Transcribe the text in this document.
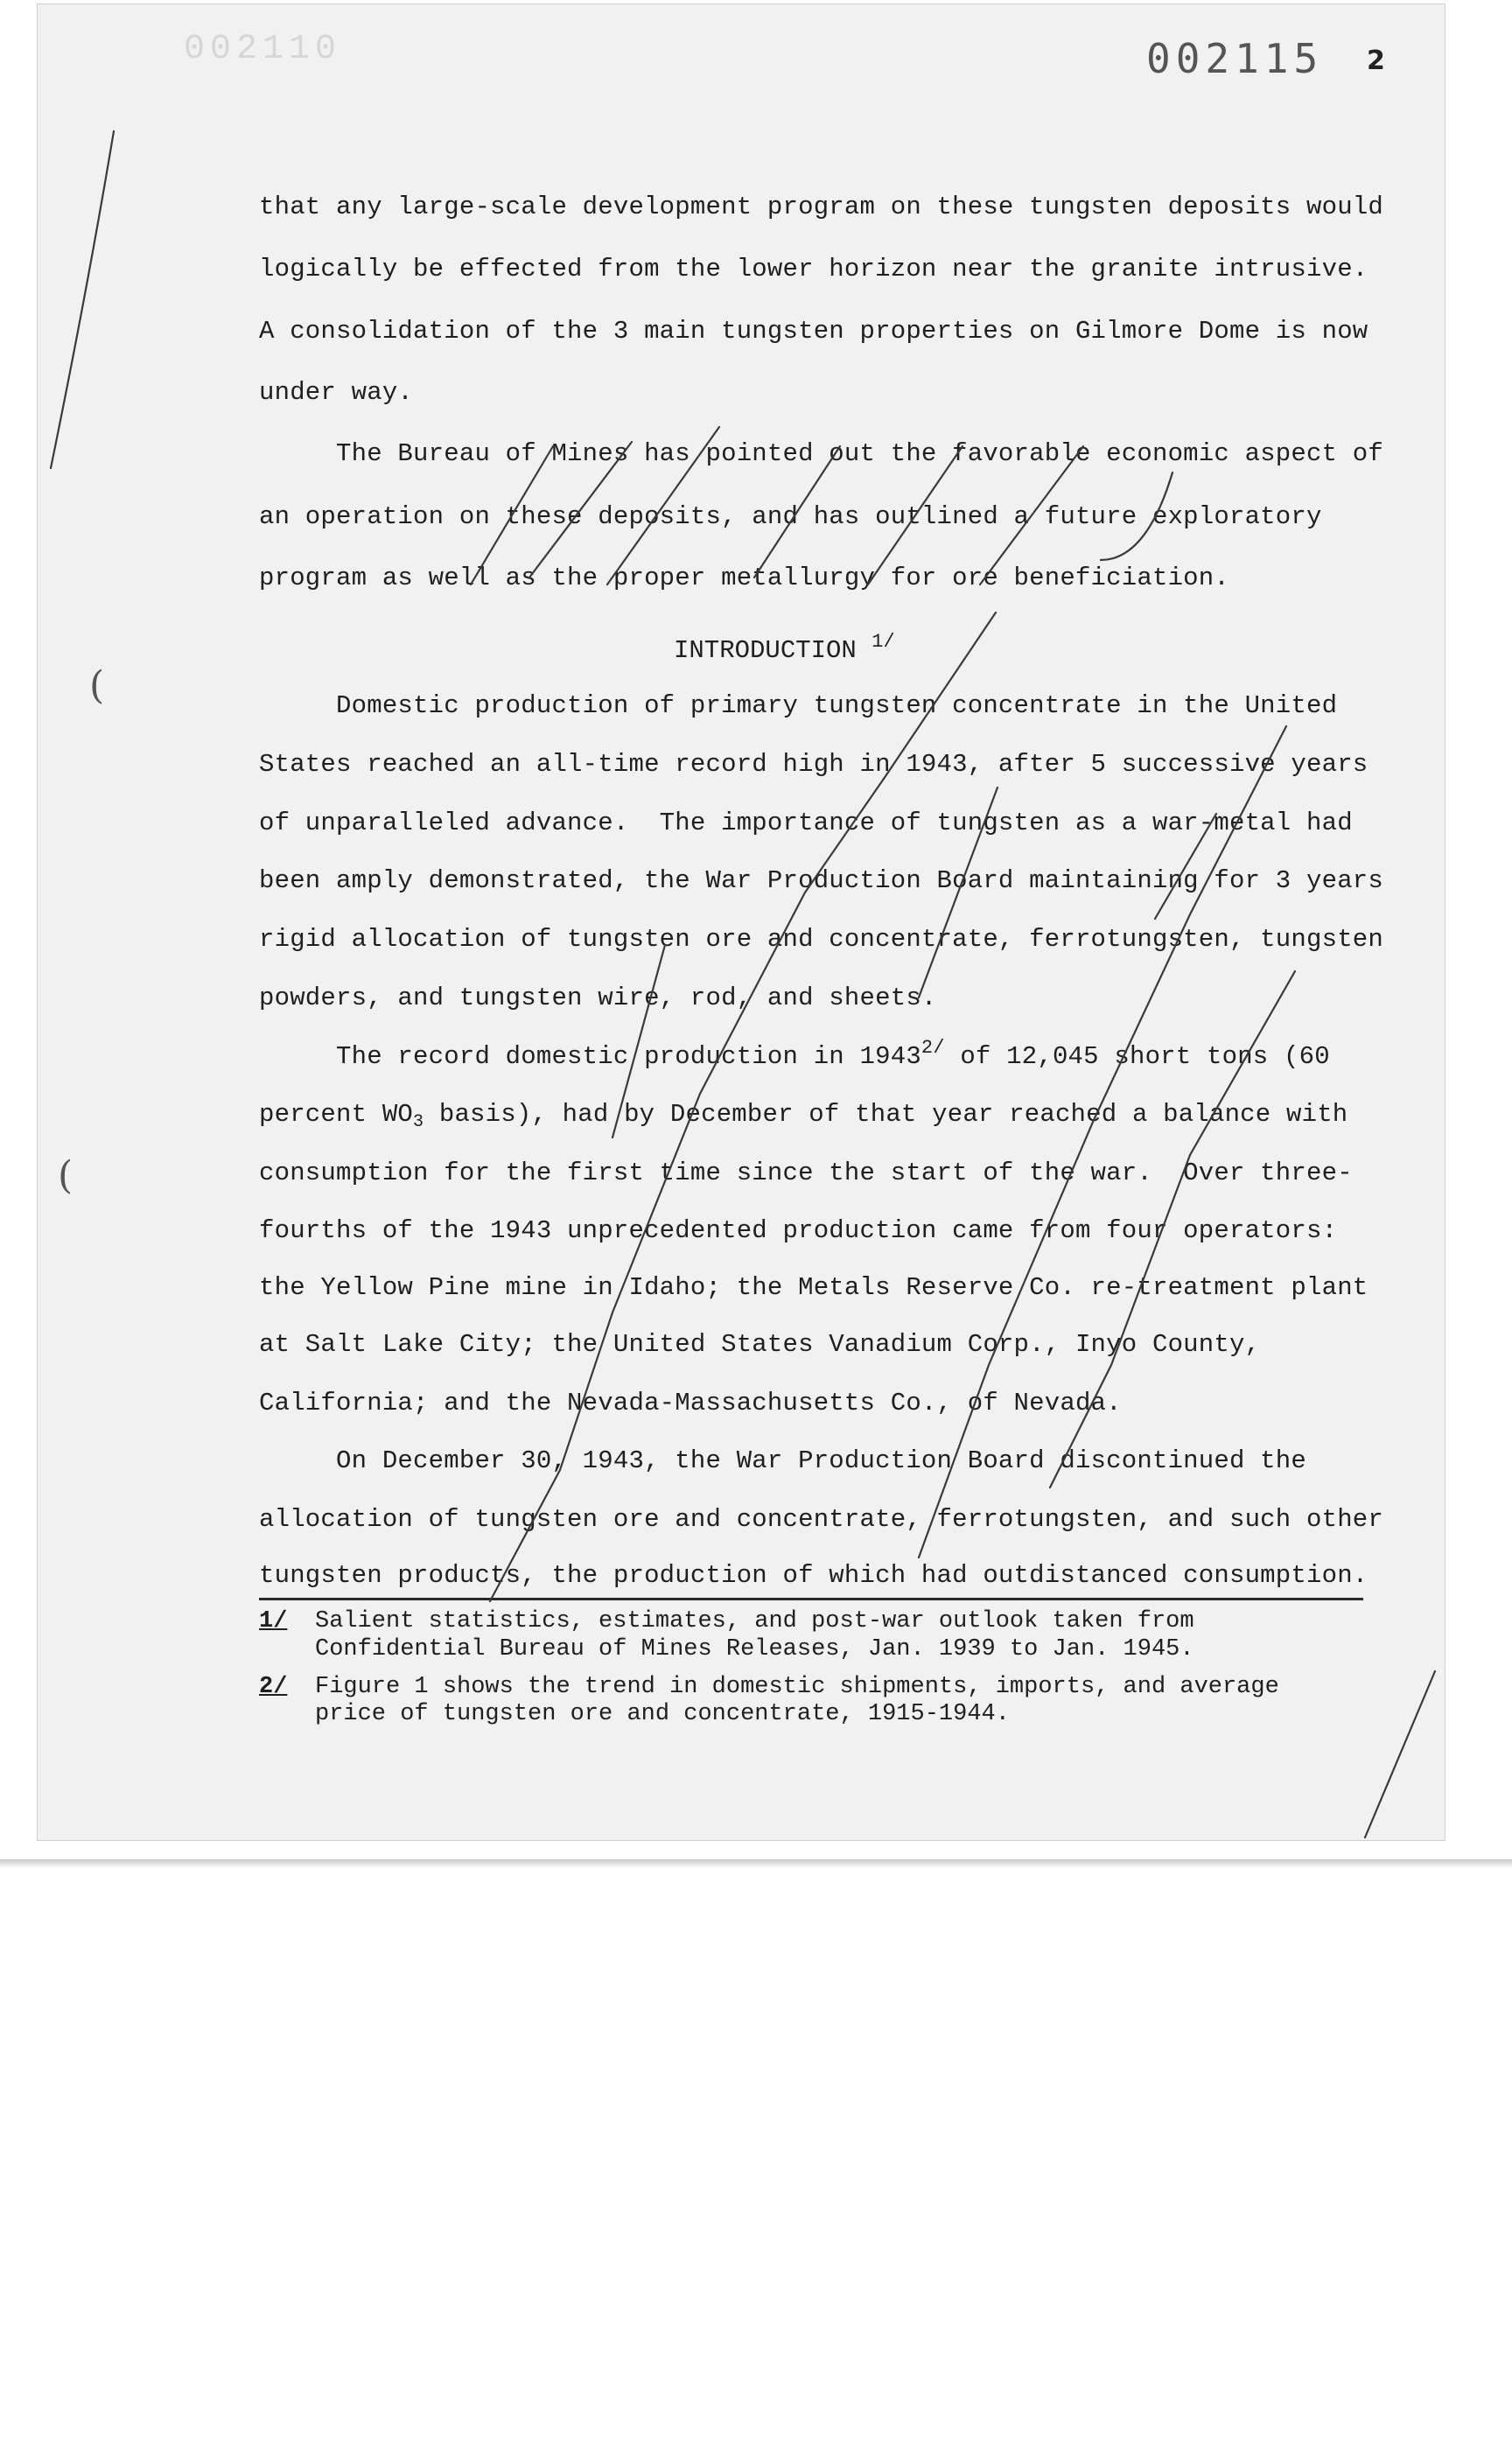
002110	002115 2
that any large-scale development program on these tungsten deposits would
logically be effected from the lower horizon near the granite intrusive.
A consolidation of the 3 main tungsten properties on Gilmore Dome is now
under way.
The Bureau of Mines has pointed out the favorable economic aspect of
an operation on these deposits, and has outlined a future exploratory
program as well as the proper metallurgy for ore beneficiation.
INTRODUCTION $^{1/}$
Domestic production of primary tungsten concentrate in the United
States reached an all-time record high in 1943, after 5 successive years
of unparalleled advance.  The importance of tungsten as a war-metal had
been amply demonstrated, the War Production Board maintaining for 3 years
rigid allocation of tungsten ore and concentrate, ferrotungsten, tungsten
powders, and tungsten wire, rod, and sheets.
The record domestic production in $1943^{2/}$ of 12,045 short tons (60
percent $WO_3$ basis), had by December of that year reached a balance with
consumption for the first time since the start of the war.  Over three-
fourths of the 1943 unprecedented production came from four operators:
the Yellow Pine mine in Idaho; the Metals Reserve Co. re-treatment plant
at Salt Lake City; the United States Vanadium Corp., Inyo County,
California; and the Nevada-Massachusetts Co., of Nevada.
On December 30, 1943, the War Production Board discontinued the
allocation of tungsten ore and concentrate, ferrotungsten, and such other
tungsten products, the production of which had outdistanced consumption.

1/

Salient statistics, estimates, and post-war outlook taken from

Confidential Bureau of Mines Releases, Jan. 1939 to Jan. 1945.

2/

Figure 1 shows the trend in domestic shipments, imports, and average

price of tungsten ore and concentrate, 1915-1944.

(
(
